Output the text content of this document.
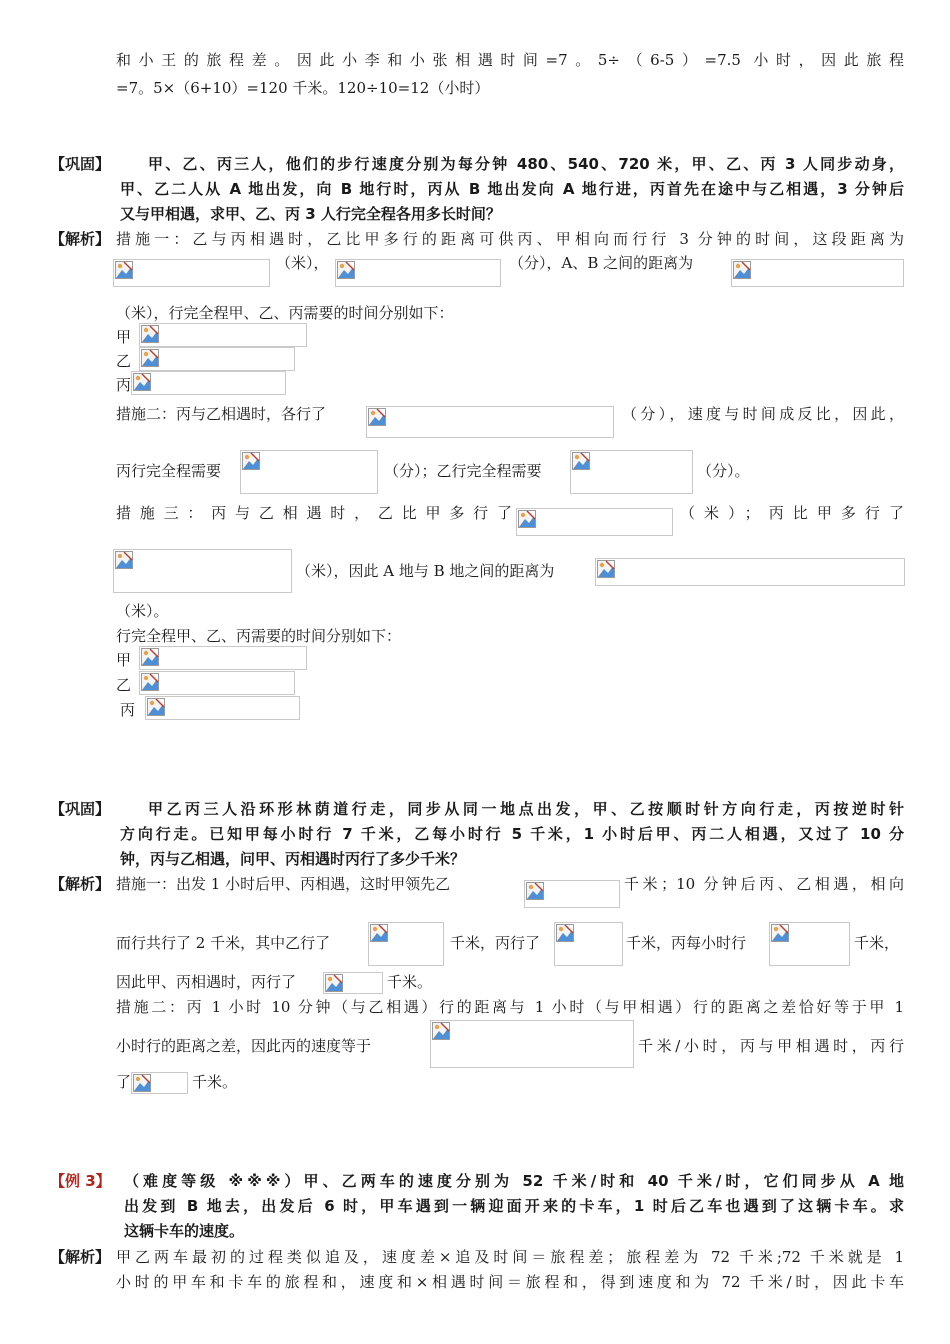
和小王的旅程差。因此小李和小张相遇时间=7。5÷（6-5）=7.5 小时，因此旅程
=7。5×（6+10）=120 千米。120÷10=12（小时）
【巩固】	甲、乙、丙三人，他们的步行速度分别为每分钟 480、540、720 米，甲、乙、丙 3 人同步动身，
甲、乙二人从 A 地出发，向 B 地行时，丙从 B 地出发向 A 地行进，丙首先在途中与乙相遇，3 分钟后
又与甲相遇，求甲、乙、丙 3 人行完全程各用多长时间？
【解析】 措施一：乙与丙相遇时，乙比甲多行的距离可供丙、甲相向而行行 3 分钟的时间，这段距离为
（米），	（分），A、B 之间的距离为
（米），行完全程甲、乙、丙需要的时间分别如下：
甲
乙
丙
措施二：丙与乙相遇时，各行了	（分），速度与时间成反比，因此，
丙行完全程需要	（分）；乙行完全程需要	（分）。
措施三：丙与乙相遇时，乙比甲多行了	（米）；丙比甲多行了
（米），因此 A 地与 B 地之间的距离为
（米）。
行完全程甲、乙、丙需要的时间分别如下：
甲
乙
丙
【巩固】	甲乙丙三人沿环形林荫道行走，同步从同一地点出发，甲、乙按顺时针方向行走，丙按逆时针
方向行走。已知甲每小时行 7 千米，乙每小时行 5 千米，1 小时后甲、丙二人相遇，又过了 10 分
钟，丙与乙相遇，问甲、丙相遇时丙行了多少千米？
【解析】 措施一：出发 1 小时后甲、丙相遇，这时甲领先乙	千米；10 分钟后丙、乙相遇，相向
而行共行了 2 千米，其中乙行了	千米，丙行了	千米，丙每小时行	千米，
因此甲、丙相遇时，丙行了	千米。
措施二：丙 1 小时 10 分钟（与乙相遇）行的距离与 1 小时（与甲相遇）行的距离之差恰好等于甲 1
小时行的距离之差，因此丙的速度等于	千米/小时，丙与甲相遇时，丙行
了	千米。
【例 3】 （难度等级 ※※※）甲、乙两车的速度分别为 52 千米/时和 40 千米/时，它们同步从 A 地
出发到 B 地去，出发后 6 时，甲车遇到一辆迎面开来的卡车，1 时后乙车也遇到了这辆卡车。求
这辆卡车的速度。
【解析】 甲乙两车最初的过程类似追及，速度差×追及时间＝旅程差；旅程差为 72 千米;72 千米就是 1
小时的甲车和卡车的旅程和，速度和×相遇时间＝旅程和，得到速度和为 72 千米/时，因此卡车
